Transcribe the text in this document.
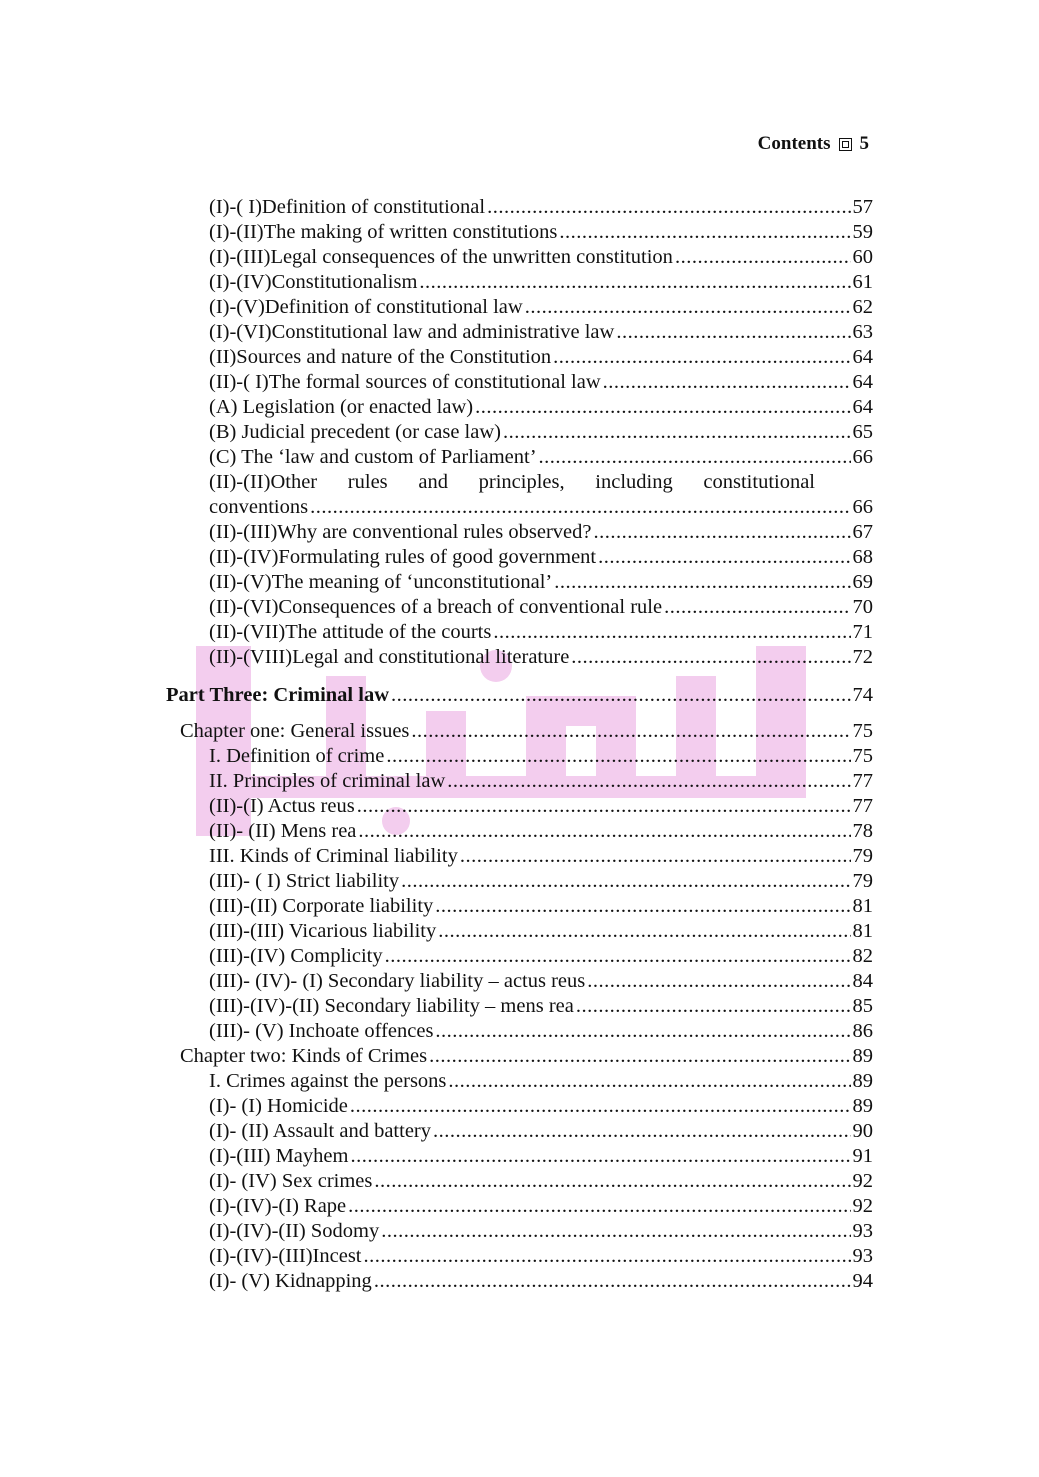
Contents 5
(I)-( I)Definition of constitutional .....	57
(I)-(II)The making of written constitutions .....	59
(I)-(III)Legal consequences of the unwritten constitution .....	60
(I)-(IV)Constitutionalism .....	61
(I)-(V)Definition of constitutional law .....	62
(I)-(VI)Constitutional law and administrative law .....	63
(II)Sources and nature of the Constitution .....	64
(II)-( I)The formal sources of constitutional law .....	64
(A) Legislation (or enacted law) .....	64
(B) Judicial precedent (or case law) .....	65
(C) The ‘law and custom of Parliament’ .....	66
(II)-(II)Other rules and principles, including constitutional
conventions .....	66
(II)-(III)Why are conventional rules observed? .....	67
(II)-(IV)Formulating rules of good government .....	68
(II)-(V)The meaning of ‘unconstitutional’ .....	69
(II)-(VI)Consequences of a breach of conventional rule .....	70
(II)-(VII)The attitude of the courts .....	71
(II)-(VIII)Legal and constitutional literature .....	72
Part Three: Criminal law .....	74
Chapter one: General issues .....	75
I. Definition of crime .....	75
II. Principles of criminal law .....	77
(II)-(I) Actus reus .....	77
(II)- (II) Mens rea .....	78
III. Kinds of Criminal liability .....	79
(III)- ( I) Strict liability .....	79
(III)-(II) Corporate liability .....	81
(III)-(III) Vicarious liability .....	81
(III)-(IV) Complicity .....	82
(III)- (IV)- (I) Secondary liability – actus reus .....	84
(III)-(IV)-(II) Secondary liability – mens rea .....	85
(III)- (V) Inchoate offences .....	86
Chapter two: Kinds of Crimes .....	89
I. Crimes against the persons .....	89
(I)- (I) Homicide .....	89
(I)- (II) Assault and battery .....	90
(I)-(III) Mayhem .....	91
(I)- (IV) Sex crimes .....	92
(I)-(IV)-(I) Rape .....	92
(I)-(IV)-(II) Sodomy .....	93
(I)-(IV)-(III)Incest .....	93
(I)- (V) Kidnapping .....	94
